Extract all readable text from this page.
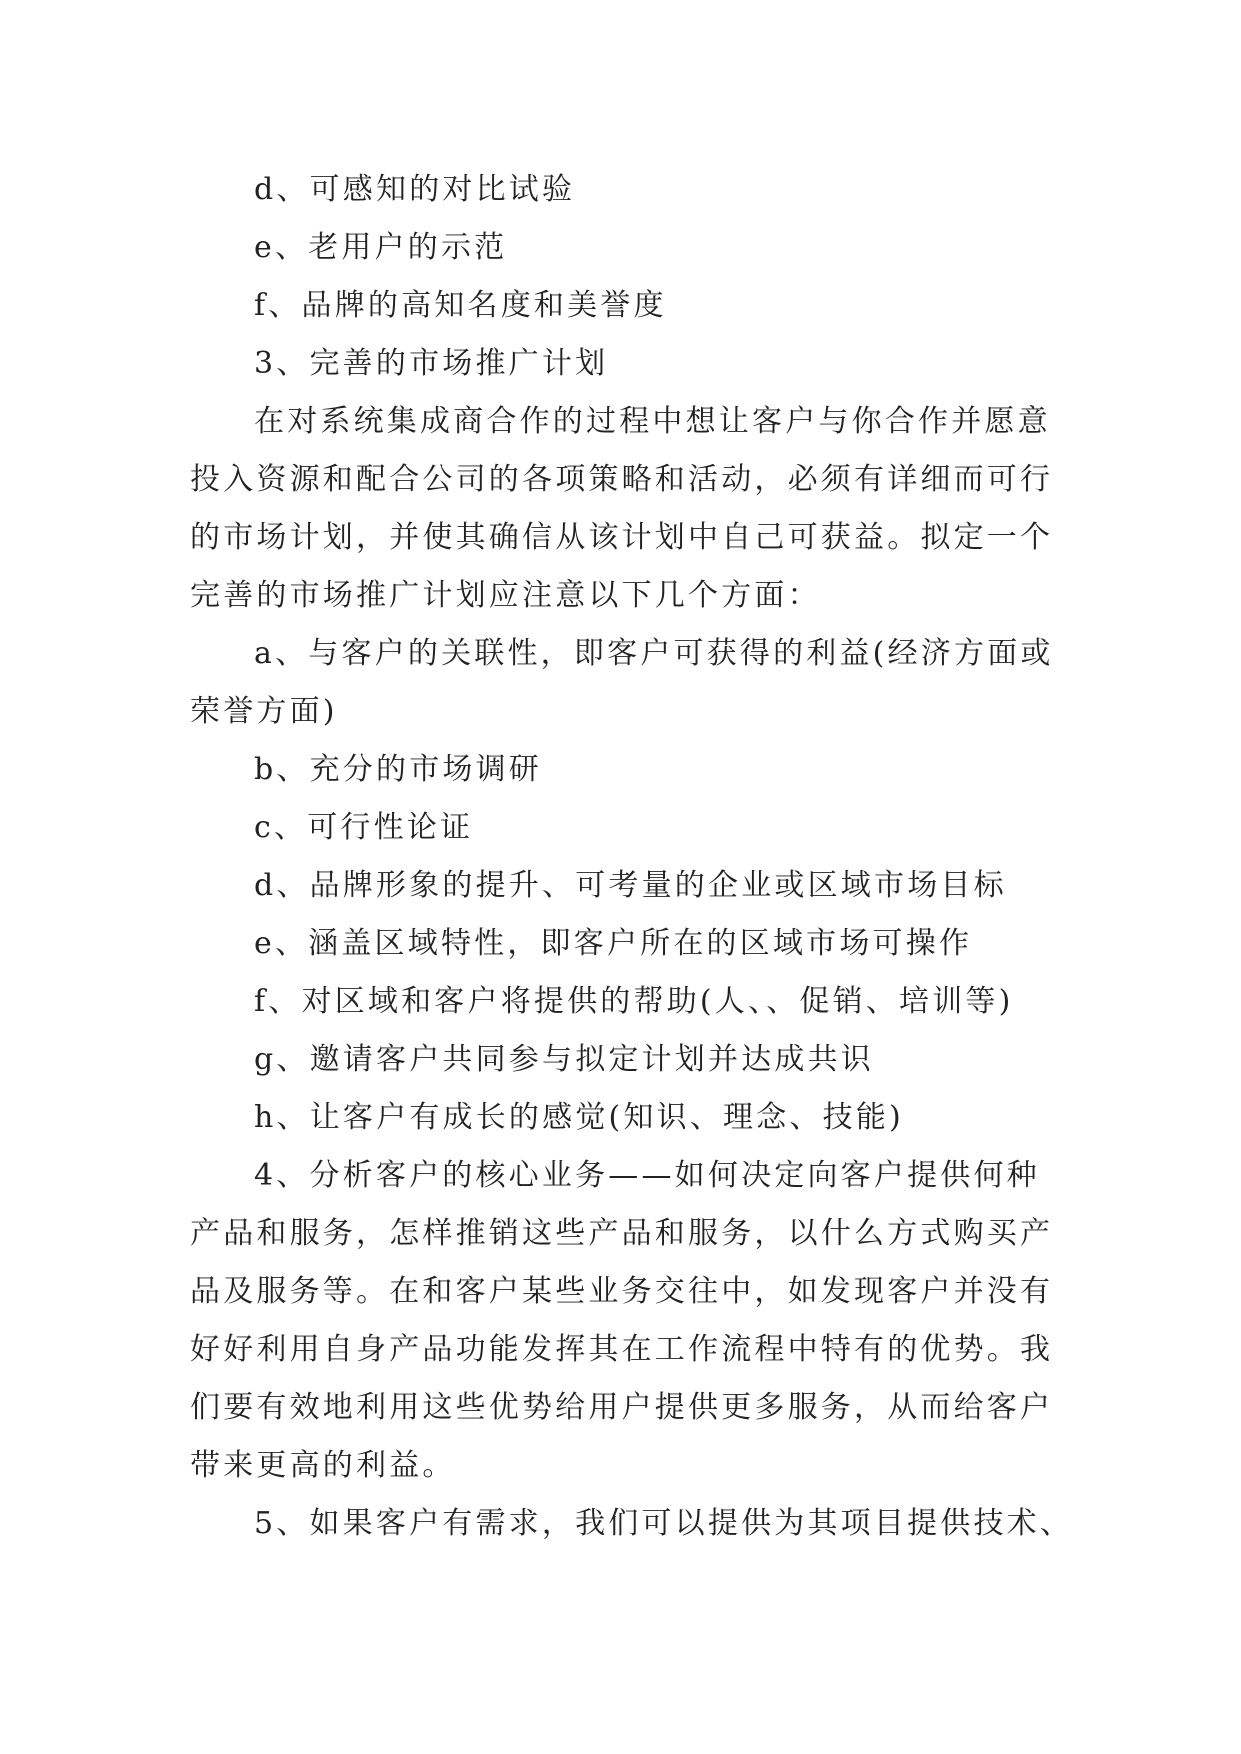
d、可感知的对比试验

e、老用户的示范

f、品牌的高知名度和美誉度

3、完善的市场推广计划

在对系统集成商合作的过程中想让客户与你合作并愿意投入资源和配合公司的各项策略和活动，必须有详细而可行的市场计划，并使其确信从该计划中自己可获益。拟定一个完善的市场推广计划应注意以下几个方面：

a、与客户的关联性，即客户可获得的利益(经济方面或荣誉方面)

b、充分的市场调研

c、可行性论证

d、品牌形象的提升、可考量的企业或区域市场目标

e、涵盖区域特性，即客户所在的区域市场可操作

f、对区域和客户将提供的帮助(人、、促销、培训等)

g、邀请客户共同参与拟定计划并达成共识

h、让客户有成长的感觉(知识、理念、技能)

4、分析客户的核心业务——如何决定向客户提供何种产品和服务，怎样推销这些产品和服务，以什么方式购买产品及服务等。在和客户某些业务交往中，如发现客户并没有好好利用自身产品功能发挥其在工作流程中特有的优势。我们要有效地利用这些优势给用户提供更多服务，从而给客户带来更高的利益。

5、如果客户有需求，我们可以提供为其项目提供技术、
